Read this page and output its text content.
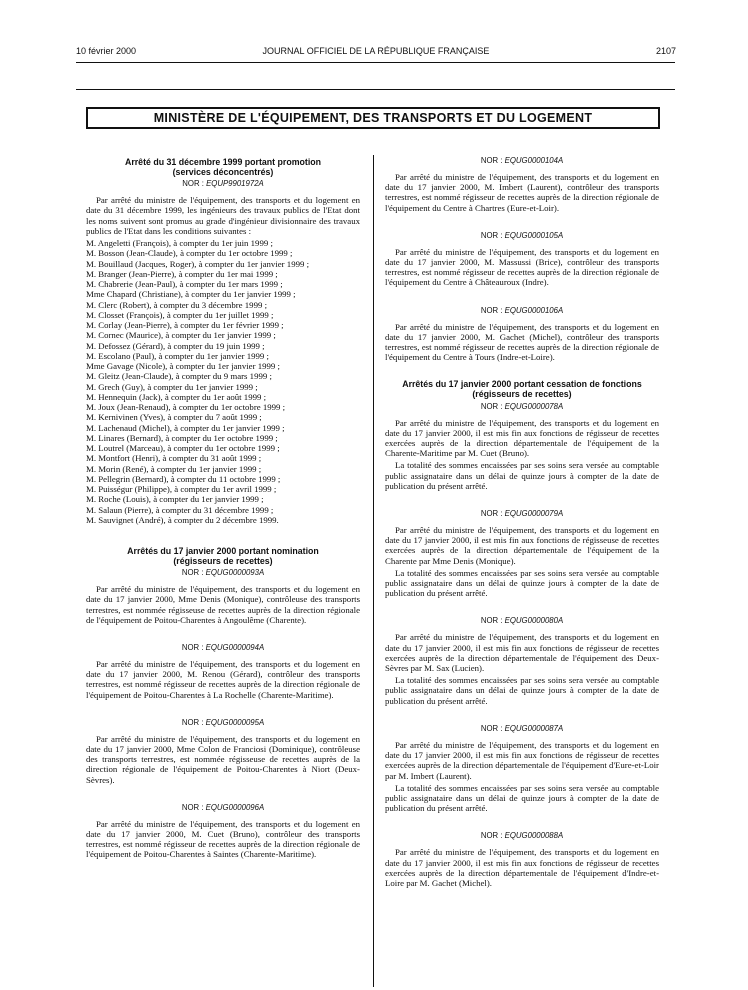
10 février 2000	JOURNAL OFFICIEL DE LA RÉPUBLIQUE FRANÇAISE	2107
MINISTÈRE DE L'ÉQUIPEMENT, DES TRANSPORTS ET DU LOGEMENT
Arrêté du 31 décembre 1999 portant promotion
(services déconcentrés)
NOR : EQUP9901972A

Par arrêté du ministre de l'équipement, des transports et du logement en date du 31 décembre 1999, les ingénieurs des travaux publics de l'Etat dont les noms suivent sont promus au grade d'ingénieur divisionnaire des travaux publics de l'Etat dans les conditions suivantes :

M. Angeletti (François), à compter du 1er juin 1999 ;
M. Bosson (Jean-Claude), à compter du 1er octobre 1999 ;
M. Bouillaud (Jacques, Roger), à compter du 1er janvier 1999 ;
M. Branger (Jean-Pierre), à compter du 1er mai 1999 ;
M. Chabrerie (Jean-Paul), à compter du 1er mars 1999 ;
Mme Chapard (Christiane), à compter du 1er janvier 1999 ;
M. Clerc (Robert), à compter du 3 décembre 1999 ;
M. Closset (François), à compter du 1er juillet 1999 ;
M. Corlay (Jean-Pierre), à compter du 1er février 1999 ;
M. Cornec (Maurice), à compter du 1er janvier 1999 ;
M. Defossez (Gérard), à compter du 19 juin 1999 ;
M. Escolano (Paul), à compter du 1er janvier 1999 ;
Mme Gavage (Nicole), à compter du 1er janvier 1999 ;
M. Gleitz (Jean-Claude), à compter du 9 mars 1999 ;
M. Grech (Guy), à compter du 1er janvier 1999 ;
M. Hennequin (Jack), à compter du 1er août 1999 ;
M. Joux (Jean-Renaud), à compter du 1er octobre 1999 ;
M. Kernivinen (Yves), à compter du 7 août 1999 ;
M. Lachenaud (Michel), à compter du 1er janvier 1999 ;
M. Linares (Bernard), à compter du 1er octobre 1999 ;
M. Loutrel (Marceau), à compter du 1er octobre 1999 ;
M. Montfort (Henri), à compter du 31 août 1999 ;
M. Morin (René), à compter du 1er janvier 1999 ;
M. Pellegrin (Bernard), à compter du 11 octobre 1999 ;
M. Puisségur (Philippe), à compter du 1er avril 1999 ;
M. Roche (Louis), à compter du 1er janvier 1999 ;
M. Salaun (Pierre), à compter du 31 décembre 1999 ;
M. Sauvignet (André), à compter du 2 décembre 1999.
Arrêtés du 17 janvier 2000 portant nomination
(régisseurs de recettes)
NOR : EQUG0000093A

Par arrêté du ministre de l'équipement, des transports et du logement en date du 17 janvier 2000, Mme Denis (Monique), contrôleuse des transports terrestres, est nommée régisseuse de recettes auprès de la direction régionale de l'équipement de Poitou-Charentes à Angoulême (Charente).

NOR : EQUG0000094A

Par arrêté du ministre de l'équipement, des transports et du logement en date du 17 janvier 2000, M. Renou (Gérard), contrôleur des transports terrestres, est nommé régisseur de recettes auprès de la direction régionale de l'équipement de Poitou-Charentes à La Rochelle (Charente-Maritime).

NOR : EQUG0000095A

Par arrêté du ministre de l'équipement, des transports et du logement en date du 17 janvier 2000, Mme Colon de Franciosi (Dominique), contrôleuse des transports terrestres, est nommée régisseuse de recettes auprès de la direction régionale de l'équipement de Poitou-Charentes à Niort (Deux-Sèvres).

NOR : EQUG0000096A

Par arrêté du ministre de l'équipement, des transports et du logement en date du 17 janvier 2000, M. Cuet (Bruno), contrôleur des transports terrestres, est nommé régisseur de recettes auprès de la direction régionale de l'équipement de Poitou-Charentes à Saintes (Charente-Maritime).

NOR : EQUG0000104A

Par arrêté du ministre de l'équipement, des transports et du logement en date du 17 janvier 2000, M. Imbert (Laurent), contrôleur des transports terrestres, est nommé régisseur de recettes auprès de la direction régionale de l'équipement du Centre à Chartres (Eure-et-Loir).

NOR : EQUG0000105A

Par arrêté du ministre de l'équipement, des transports et du logement en date du 17 janvier 2000, M. Massussi (Brice), contrôleur des transports terrestres, est nommé régisseur de recettes auprès de la direction régionale de l'équipement du Centre à Châteauroux (Indre).

NOR : EQUG0000106A

Par arrêté du ministre de l'équipement, des transports et du logement en date du 17 janvier 2000, M. Gachet (Michel), contrôleur des transports terrestres, est nommé régisseur de recettes auprès de la direction régionale de l'équipement du Centre à Tours (Indre-et-Loire).

Arrêtés du 17 janvier 2000 portant cessation de fonctions
(régisseurs de recettes)
NOR : EQUG0000078A

Par arrêté du ministre de l'équipement, des transports et du logement en date du 17 janvier 2000, il est mis fin aux fonctions de régisseur de recettes exercées auprès de la direction départementale de l'équipement de la Charente-Maritime par M. Cuet (Bruno).

La totalité des sommes encaissées par ses soins sera versée au comptable public assignataire dans un délai de quinze jours à compter de la date de publication du présent arrêté.

NOR : EQUG0000079A

Par arrêté du ministre de l'équipement, des transports et du logement en date du 17 janvier 2000, il est mis fin aux fonctions de régisseuse de recettes exercées auprès de la direction départementale de l'équipement de la Charente par Mme Denis (Monique).

La totalité des sommes encaissées par ses soins sera versée au comptable public assignataire dans un délai de quinze jours à compter de la date de publication du présent arrêté.

NOR : EQUG0000080A

Par arrêté du ministre de l'équipement, des transports et du logement en date du 17 janvier 2000, il est mis fin aux fonctions de régisseur de recettes exercées auprès de la direction départementale de l'équipement des Deux-Sèvres par M. Sax (Lucien).

La totalité des sommes encaissées par ses soins sera versée au comptable public assignataire dans un délai de quinze jours à compter de la date de publication du présent arrêté.

NOR : EQUG0000087A

Par arrêté du ministre de l'équipement, des transports et du logement en date du 17 janvier 2000, il est mis fin aux fonctions de régisseur de recettes exercées auprès de la direction départementale de l'équipement d'Eure-et-Loir par M. Imbert (Laurent).

La totalité des sommes encaissées par ses soins sera versée au comptable public assignataire dans un délai de quinze jours à compter de la date de publication du présent arrêté.

NOR : EQUG0000088A

Par arrêté du ministre de l'équipement, des transports et du logement en date du 17 janvier 2000, il est mis fin aux fonctions de régisseur de recettes exercées auprès de la direction départementale de l'équipement d'Indre-et-Loire par M. Gachet (Michel).
